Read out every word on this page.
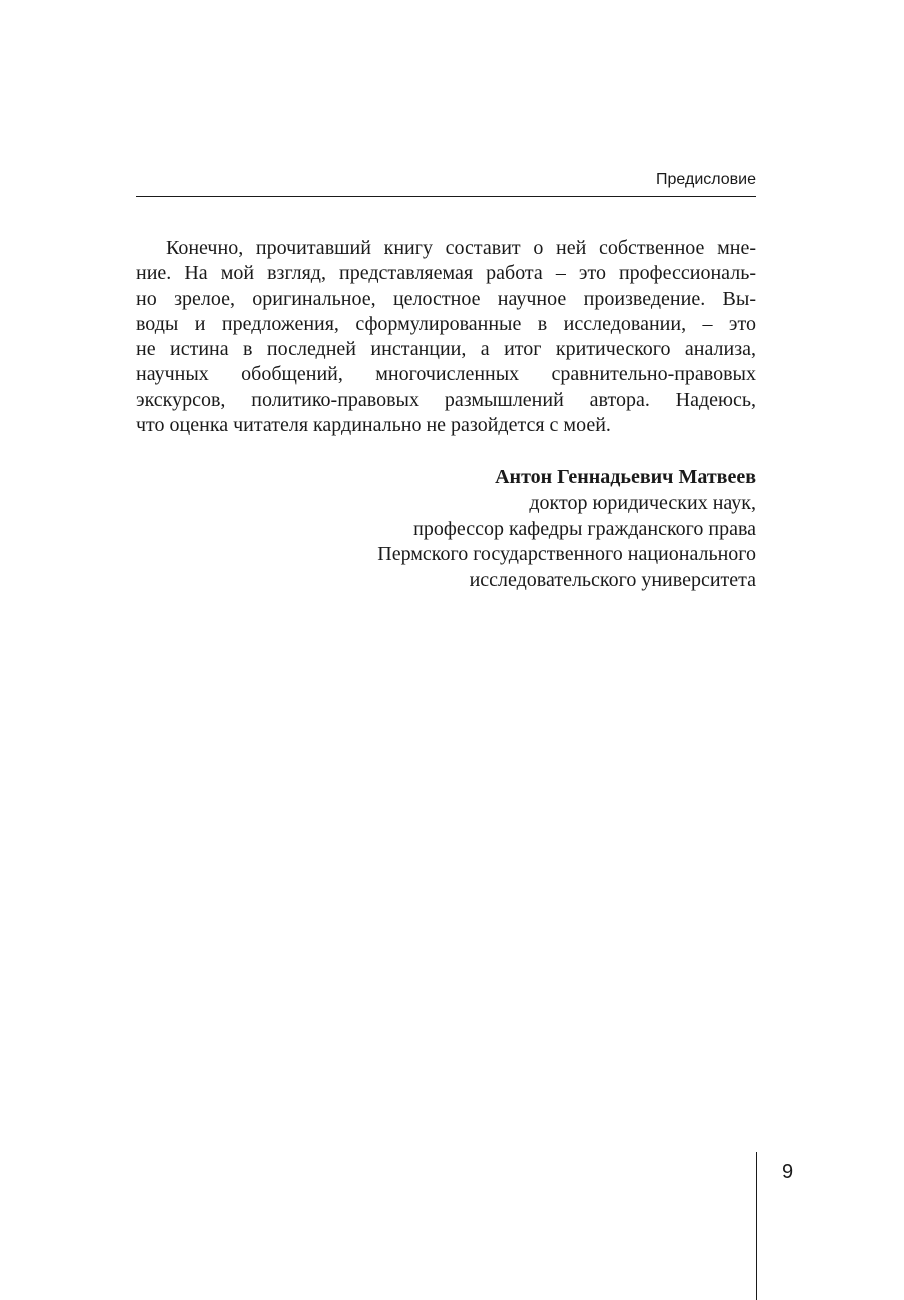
Предисловие
Конечно, прочитавший книгу составит о ней собственное мне-
ние. На мой взгляд, представляемая работа – это профессиональ-
но зрелое, оригинальное, целостное научное произведение. Вы-
воды и предложения, сформулированные в исследовании, – это
не истина в последней инстанции, а итог критического анализа,
научных обобщений, многочисленных сравнительно-правовых
экскурсов, политико-правовых размышлений автора. Надеюсь,
что оценка читателя кардинально не разойдется с моей.
Антон Геннадьевич Матвеев
доктор юридических наук,
профессор кафедры гражданского права
Пермского государственного национального
исследовательского университета
9
